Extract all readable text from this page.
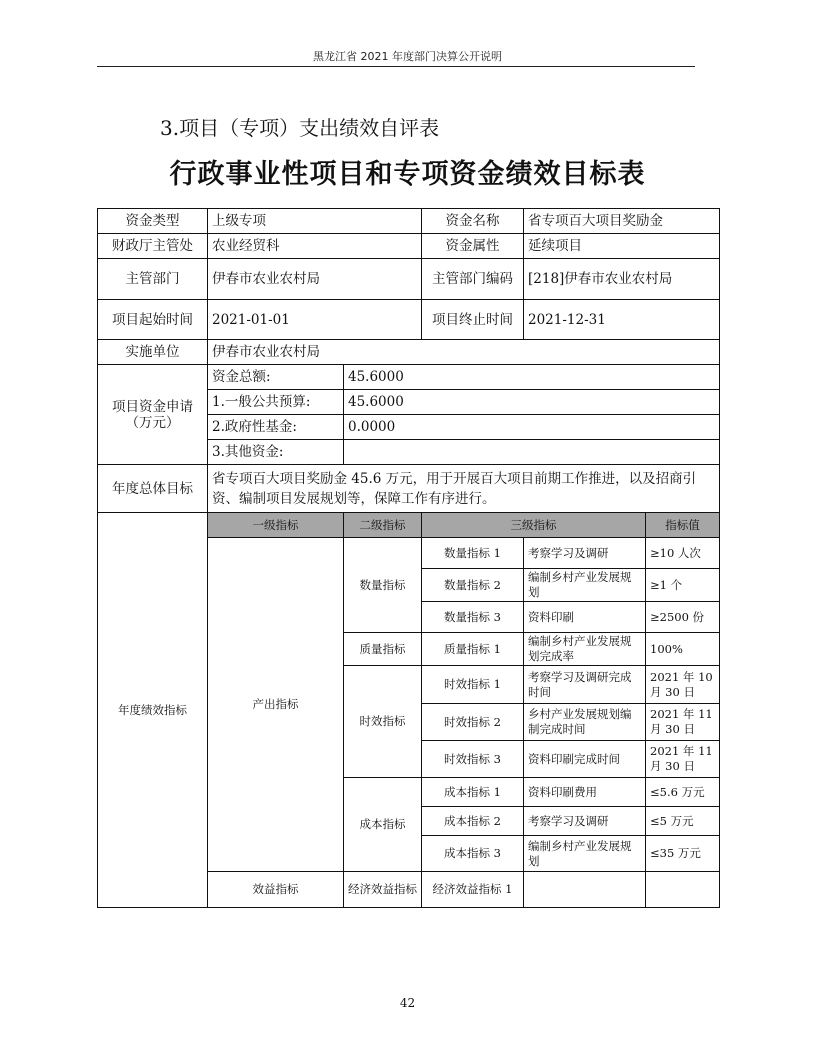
黑龙江省 2021 年度部门决算公开说明
3.项目（专项）支出绩效自评表
行政事业性项目和专项资金绩效目标表
资金类型	上级专项		资金名称	省专项百大项目奖励金	
财政厅主管处	农业经贸科		资金属性	延续项目	
主管部门	伊春市农业农村局		主管部门编码	[218]伊春市农业农村局	
项目起始时间	2021-01-01		项目终止时间	2021-12-31	
实施单位	伊春市农业农村局				
项目资金申请（万元）	资金总额:	45.6000			
	1.一般公共预算:	45.6000			
	2.政府性基金:	0.0000			
	3.其他资金:				
年度总体目标	省专项百大项目奖励金 45.6 万元，用于开展百大项目前期工作推进，以及招商引资、编制项目发展规划等，保障工作有序进行。				
年度绩效指标	一级指标	二级指标	三级指标		指标值
	产出指标	数量指标	数量指标 1	考察学习及调研	≥10 人次
			数量指标 2	编制乡村产业发展规划	≥1 个
			数量指标 3	资料印刷	≥2500 份
		质量指标	质量指标 1	编制乡村产业发展规划完成率	100%
		时效指标	时效指标 1	考察学习及调研完成时间	2021 年 10 月 30 日
			时效指标 2	乡村产业发展规划编制完成时间	2021 年 11 月 30 日
			时效指标 3	资料印刷完成时间	2021 年 11 月 30 日
		成本指标	成本指标 1	资料印刷费用	≤5.6 万元
			成本指标 2	考察学习及调研	≤5 万元
			成本指标 3	编制乡村产业发展规划	≤35 万元
	效益指标	经济效益指标	经济效益指标 1		
42
